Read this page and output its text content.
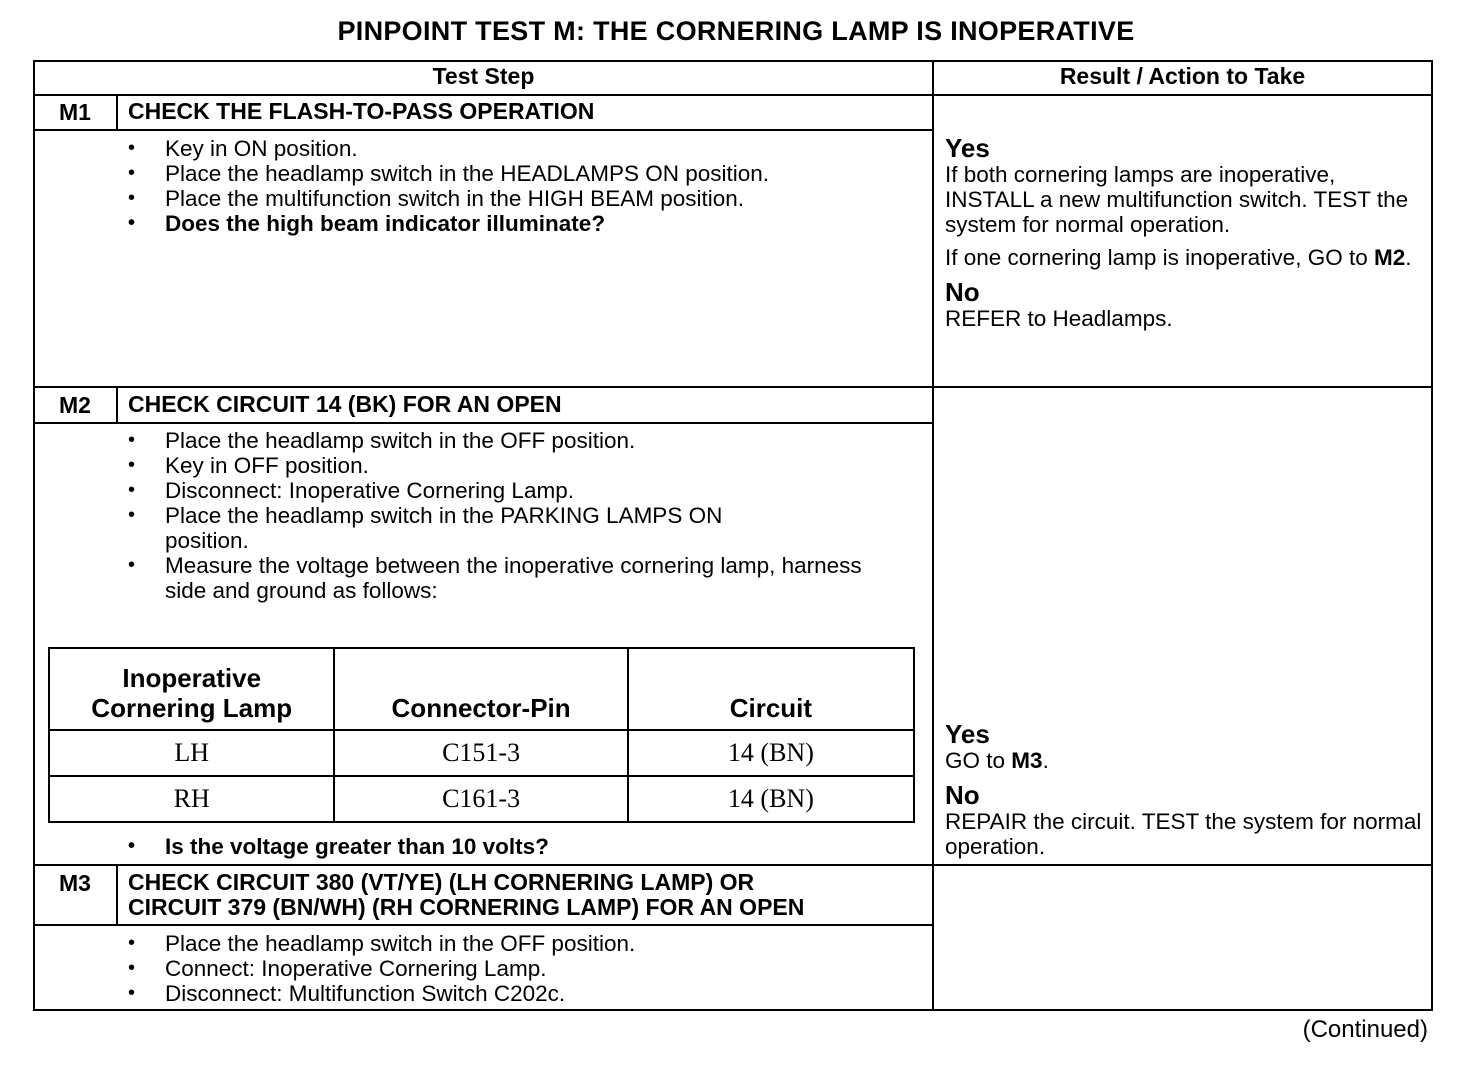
PINPOINT TEST M: THE CORNERING LAMP IS INOPERATIVE
Test Step	Result / Action to Take
M1	CHECK THE FLASH-TO-PASS OPERATION
• Key in ON position.
• Place the headlamp switch in the HEADLAMPS ON position.
• Place the multifunction switch in the HIGH BEAM position.
• Does the high beam indicator illuminate?
Yes

If both cornering lamps are inoperative, INSTALL a new multifunction switch. TEST the system for normal operation.

If one cornering lamp is inoperative, GO to M2.

No

REFER to Headlamps.

M2	CHECK CIRCUIT 14 (BK) FOR AN OPEN
• Place the headlamp switch in the OFF position.
• Key in OFF position.
• Disconnect: Inoperative Cornering Lamp.
• Place the headlamp switch in the PARKING LAMPS ON position.
• Measure the voltage between the inoperative cornering lamp, harness side and ground as follows:
Inoperative
Cornering Lamp	Connector-Pin	Circuit
LH	C151-3	14 (BN)
RH	C161-3	14 (BN)
• Is the voltage greater than 10 volts?
Yes

GO to M3.

No

REPAIR the circuit. TEST the system for normal operation.

M3	CHECK CIRCUIT 380 (VT/YE) (LH CORNERING LAMP) OR
CIRCUIT 379 (BN/WH) (RH CORNERING LAMP) FOR AN OPEN
• Place the headlamp switch in the OFF position.
• Connect: Inoperative Cornering Lamp.
• Disconnect: Multifunction Switch C202c.
(Continued)
